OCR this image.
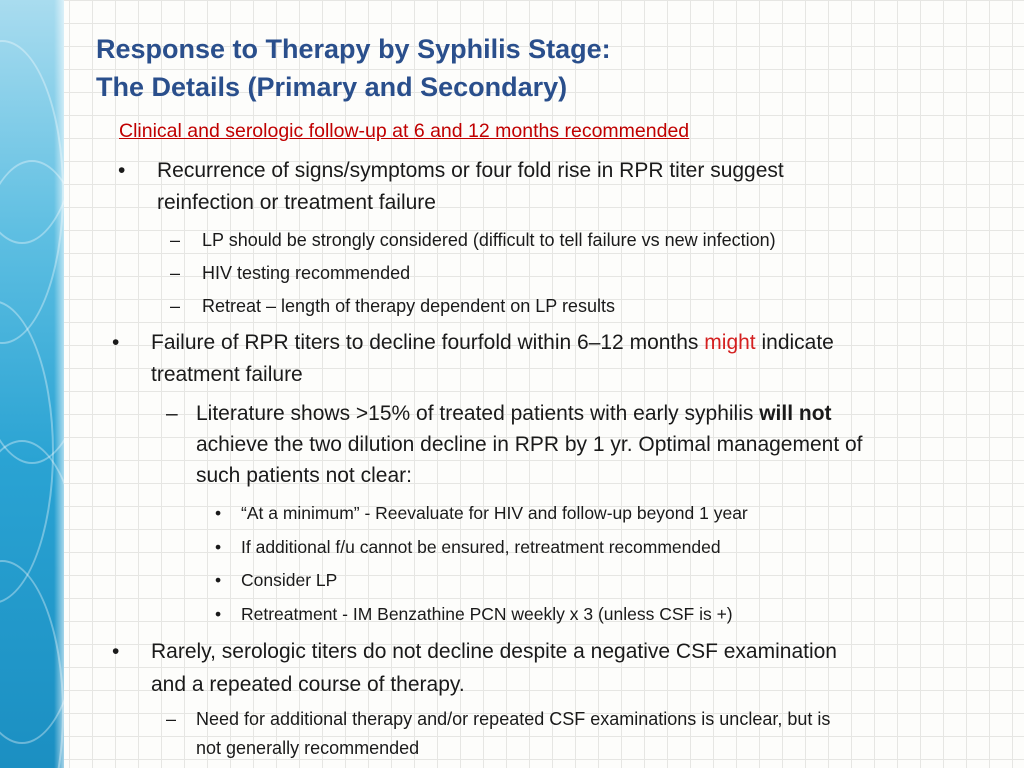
Response to Therapy by Syphilis Stage:
The Details (Primary and Secondary)
Clinical and serologic follow-up at 6 and 12 months recommended
• Recurrence of signs/symptoms or four fold rise in RPR titer suggest
reinfection or treatment failure
– LP should be strongly considered (difficult to tell failure vs new infection)
– HIV testing recommended
– Retreat – length of therapy dependent on LP results
• Failure of RPR titers to decline fourfold within 6–12 months might indicate
treatment failure
– Literature shows >15% of treated patients with early syphilis will not
achieve the two dilution decline in RPR by 1 yr. Optimal management of
such patients not clear:
• “At a minimum” - Reevaluate for HIV and follow-up beyond 1 year
• If additional f/u cannot be ensured, retreatment recommended
• Consider LP
• Retreatment - IM Benzathine PCN weekly x 3 (unless CSF is +)
• Rarely, serologic titers do not decline despite a negative CSF examination
and a repeated course of therapy.
– Need for additional therapy and/or repeated CSF examinations is unclear, but is
not generally recommended
